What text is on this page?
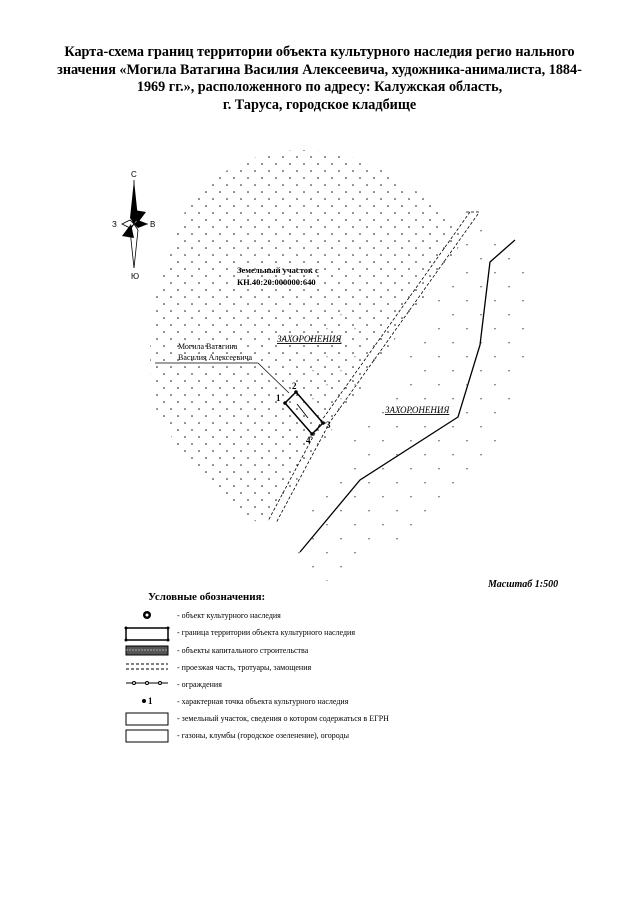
Карта-схема границ территории объекта культурного наследия регио нального
значения «Могила Ватагина Василия Алексеевича, художника-анималиста, 1884-
1969 гг.», расположенного по адресу: Калужская область,
г. Таруса, городское кладбище
С
Ю
З	В
Земельный участок с
КН.40:20:000000:640
ЗАХОРОНЕНИЯ
ЗАХОРОНЕНИЯ
Могила Ватагина
Василия Алексеевича
1
2
3
4
Масштаб 1:500
Условные обозначения:
- объект культурного наследия
- граница территории объекта культурного наследия
- объекты капитального строительства
- проезжая часть, тротуары, замощения
- ограждения
1	- характерная точка объекта культурного наследия
- земельный участок, сведения о котором содержаться в ЕГРН
- газоны, клумбы (городское озеленение), огороды
